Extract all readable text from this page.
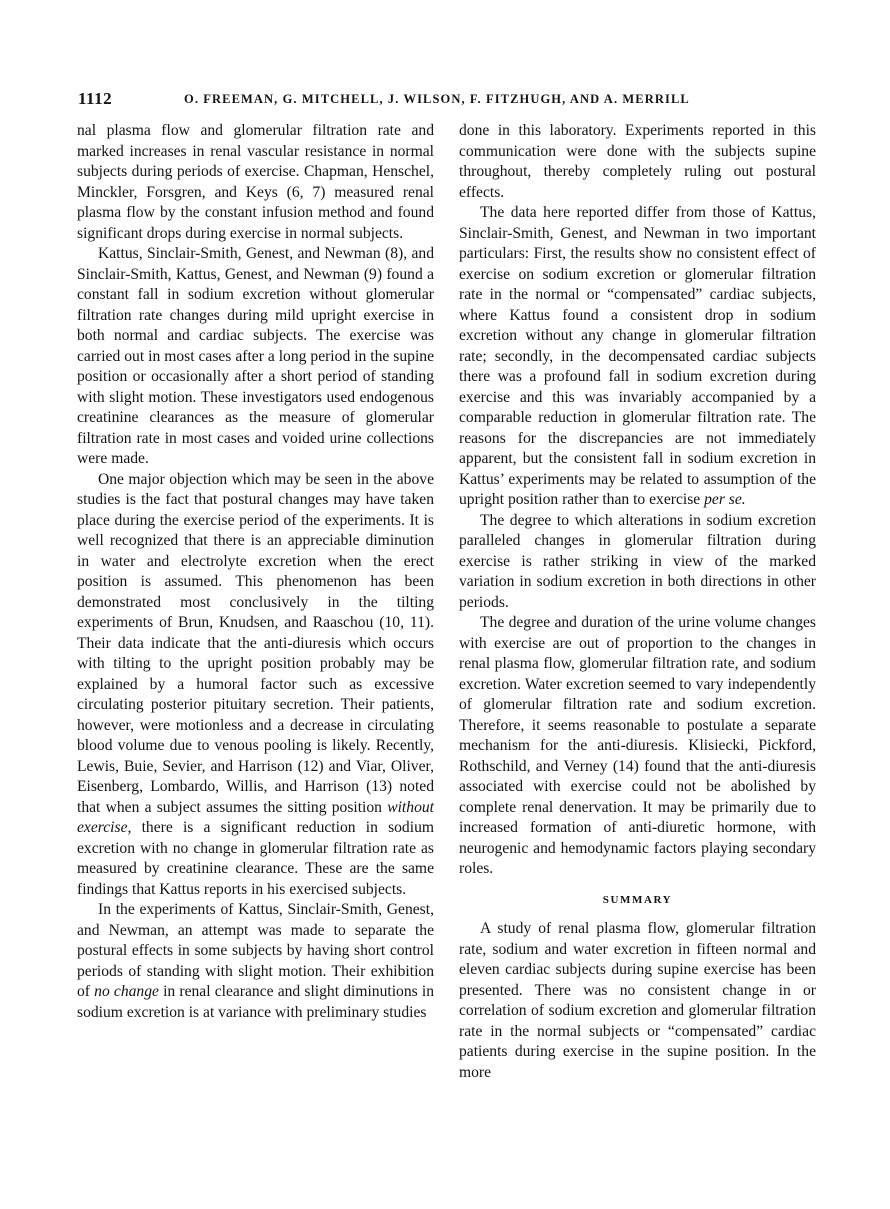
1112	O. FREEMAN, G. MITCHELL, J. WILSON, F. FITZHUGH, AND A. MERRILL

nal plasma flow and glomerular filtration rate and marked increases in renal vascular resistance in normal subjects during periods of exercise. Chapman, Henschel, Minckler, Forsgren, and Keys (6, 7) measured renal plasma flow by the constant infusion method and found significant drops during exercise in normal subjects.

Kattus, Sinclair-Smith, Genest, and Newman (8), and Sinclair-Smith, Kattus, Genest, and Newman (9) found a constant fall in sodium excretion without glomerular filtration rate changes during mild upright exercise in both normal and cardiac subjects. The exercise was carried out in most cases after a long period in the supine position or occasionally after a short period of standing with slight motion. These investigators used endogenous creatinine clearances as the measure of glomerular filtration rate in most cases and voided urine collections were made.

One major objection which may be seen in the above studies is the fact that postural changes may have taken place during the exercise period of the experiments. It is well recognized that there is an appreciable diminution in water and electrolyte excretion when the erect position is assumed. This phenomenon has been demonstrated most conclusively in the tilting experiments of Brun, Knudsen, and Raaschou (10, 11). Their data indicate that the anti-diuresis which occurs with tilting to the upright position probably may be explained by a humoral factor such as excessive circulating posterior pituitary secretion. Their patients, however, were motionless and a decrease in circulating blood volume due to venous pooling is likely. Recently, Lewis, Buie, Sevier, and Harrison (12) and Viar, Oliver, Eisenberg, Lombardo, Willis, and Harrison (13) noted that when a subject assumes the sitting position without exercise, there is a significant reduction in sodium excretion with no change in glomerular filtration rate as measured by creatinine clearance. These are the same findings that Kattus reports in his exercised subjects.

In the experiments of Kattus, Sinclair-Smith, Genest, and Newman, an attempt was made to separate the postural effects in some subjects by having short control periods of standing with slight motion. Their exhibition of no change in renal clearance and slight diminutions in sodium excretion is at variance with preliminary studies

done in this laboratory. Experiments reported in this communication were done with the subjects supine throughout, thereby completely ruling out postural effects.

The data here reported differ from those of Kattus, Sinclair-Smith, Genest, and Newman in two important particulars: First, the results show no consistent effect of exercise on sodium excretion or glomerular filtration rate in the normal or “compensated” cardiac subjects, where Kattus found a consistent drop in sodium excretion without any change in glomerular filtration rate; secondly, in the decompensated cardiac subjects there was a profound fall in sodium excretion during exercise and this was invariably accompanied by a comparable reduction in glomerular filtration rate. The reasons for the discrepancies are not immediately apparent, but the consistent fall in sodium excretion in Kattus’ experiments may be related to assumption of the upright position rather than to exercise per se.

The degree to which alterations in sodium excretion paralleled changes in glomerular filtration during exercise is rather striking in view of the marked variation in sodium excretion in both directions in other periods.

The degree and duration of the urine volume changes with exercise are out of proportion to the changes in renal plasma flow, glomerular filtration rate, and sodium excretion. Water excretion seemed to vary independently of glomerular filtration rate and sodium excretion. Therefore, it seems reasonable to postulate a separate mechanism for the anti-diuresis. Klisiecki, Pickford, Rothschild, and Verney (14) found that the anti-diuresis associated with exercise could not be abolished by complete renal denervation. It may be primarily due to increased formation of anti-diuretic hormone, with neurogenic and hemodynamic factors playing secondary roles.

SUMMARY

A study of renal plasma flow, glomerular filtration rate, sodium and water excretion in fifteen normal and eleven cardiac subjects during supine exercise has been presented. There was no consistent change in or correlation of sodium excretion and glomerular filtration rate in the normal subjects or “compensated” cardiac patients during exercise in the supine position. In the more
